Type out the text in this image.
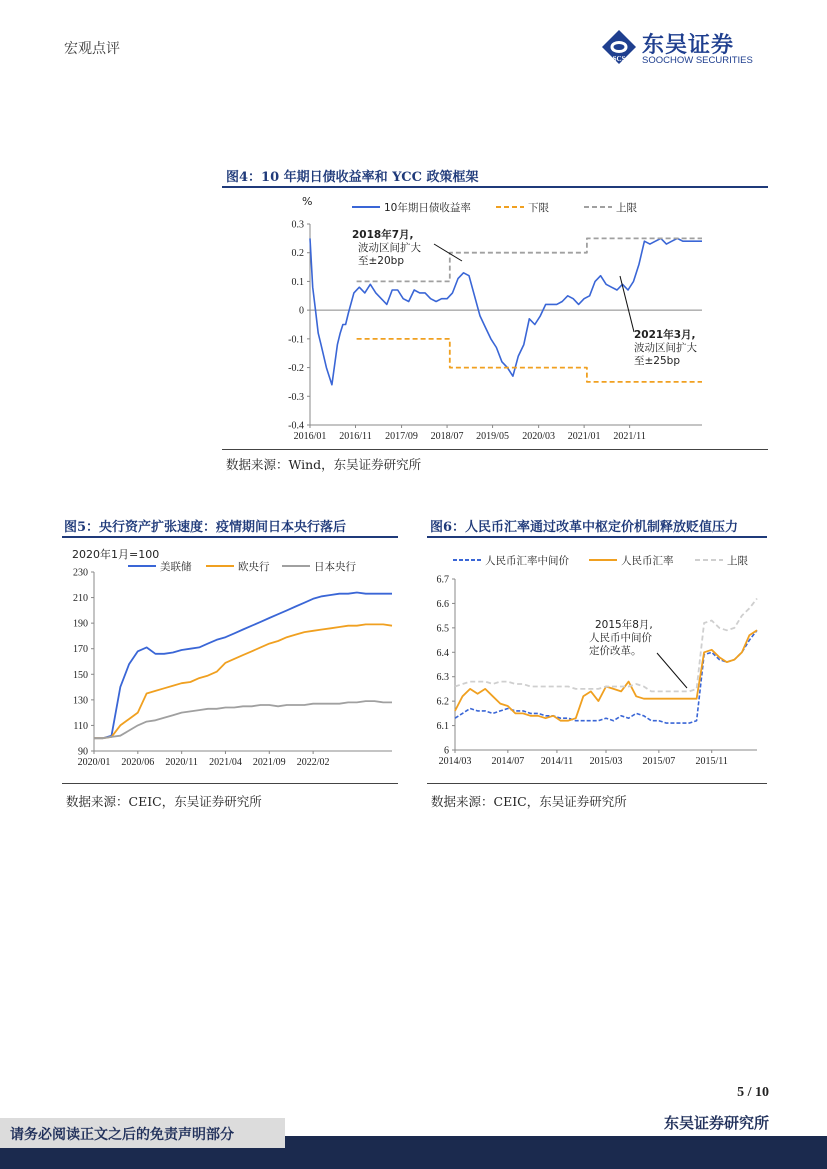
宏观点评
SCS
东吴证券
SOOCHOW SECURITIES
图4：10 年期日债收益率和 YCC 政策框架
0.3
0.2
0.1
0
-0.1
-0.2
-0.3
-0.4
2016/01 2016/11 2017/09 2018/07 2019/05 2020/03 2021/01 2021/11
%	10年期日债收益率	下限	上限
2018年7月,波动区间扩大至±20bp
2021年3月,波动区间扩大至±25bp
数据来源：Wind，东吴证券研究所
图5：央行资产扩张速度：疫情期间日本央行落后
230
210
190
170
150
130
110
90
2020/01 2020/06 2020/11 2021/04 2021/09 2022/02
2020年1月=100
美联储	欧央行	日本央行
数据来源：CEIC，东吴证券研究所
图6：人民币汇率通过改革中枢定价机制释放贬值压力
6.7
6.6
6.5
6.4
6.3
6.2
6.1
6
2014/03 2014/07 2014/11 2015/03 2015/07 2015/11
人民币汇率中间价	人民币汇率	上限
2015年8月,人民币中间价定价改革。
数据来源：CEIC，东吴证券研究所
5 / 10
东吴证券研究所
请务必阅读正文之后的免责声明部分
